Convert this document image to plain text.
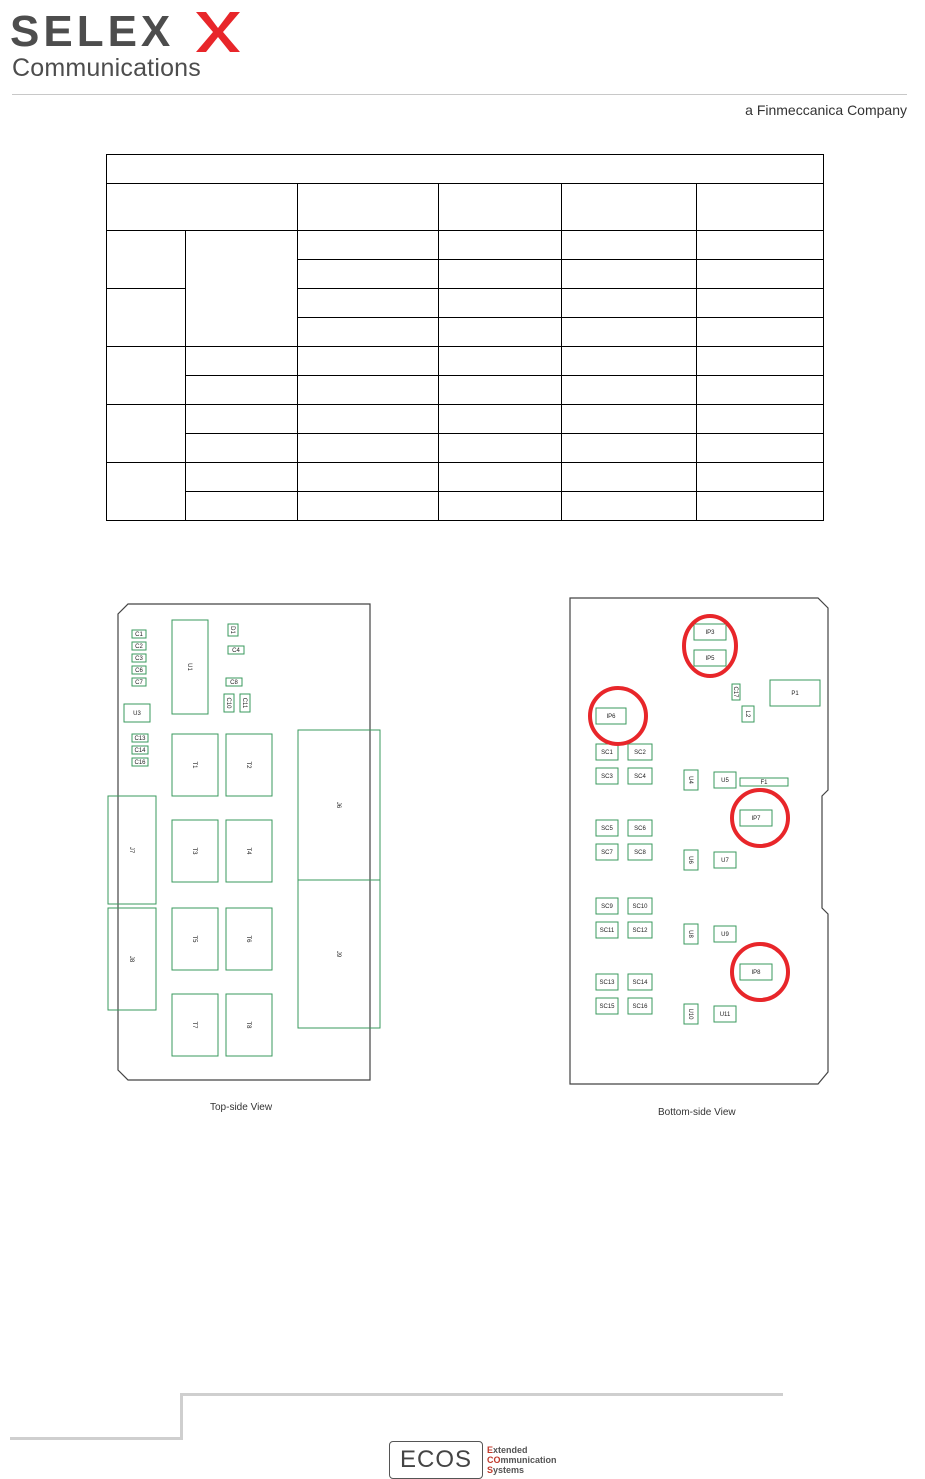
SELEX
Communications
a Finmeccanica Company

C1
C2
C3
C6
C7
C13
C14
C16
U1
U3
D1
C4
C8
C10 C11
T1	T2
T3	T4
T5	T6
T7	T8
J7
J8
J6
J9
Top-side View
IP3
IP5
IP6
IP7
IP8
P1
L2
C17
F1
SC1
SC3
SC5
SC7
SC9
SC11
SC13
SC15
SC2
SC4
SC6
SC8
SC10
SC12
SC14
SC16
U4
U6
U8
U10
U5
U7
U9
U11
Bottom-side View
ECOS	Extended
COmmunication
Systems
